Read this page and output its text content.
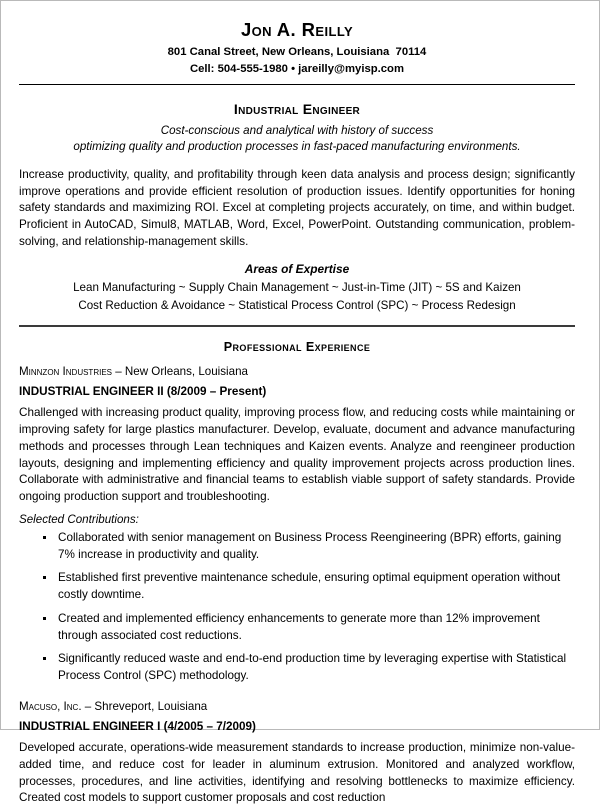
Jon A. Reilly
801 Canal Street, New Orleans, Louisiana  70114
Cell: 504-555-1980 • jareilly@myisp.com
Industrial Engineer
Cost-conscious and analytical with history of success
optimizing quality and production processes in fast-paced manufacturing environments.

Increase productivity, quality, and profitability through keen data analysis and process design; significantly improve operations and provide efficient resolution of production issues. Identify opportunities for honing safety standards and maximizing ROI. Excel at completing projects accurately, on time, and within budget. Proficient in AutoCAD, Simul8, MATLAB, Word, Excel, PowerPoint. Outstanding communication, problem-solving, and relationship-management skills.

Areas of Expertise
Lean Manufacturing ~ Supply Chain Management ~ Just-in-Time (JIT) ~ 5S and Kaizen
Cost Reduction & Avoidance ~ Statistical Process Control (SPC) ~ Process Redesign
Professional Experience
Minnzon Industries – New Orleans, Louisiana
INDUSTRIAL ENGINEER II (8/2009 – Present)

Challenged with increasing product quality, improving process flow, and reducing costs while maintaining or improving safety for large plastics manufacturer. Develop, evaluate, document and advance manufacturing methods and processes through Lean techniques and Kaizen events. Analyze and reengineer production layouts, designing and implementing efficiency and quality improvement projects across production lines. Collaborate with administrative and financial teams to establish viable support of safety standards. Provide ongoing production support and troubleshooting.

Selected Contributions:
Collaborated with senior management on Business Process Reengineering (BPR) efforts, gaining 7% increase in productivity and quality.
Established first preventive maintenance schedule, ensuring optimal equipment operation without costly downtime.
Created and implemented efficiency enhancements to generate more than 12% improvement through associated cost reductions.
Significantly reduced waste and end-to-end production time by leveraging expertise with Statistical Process Control (SPC) methodology.
Macuso, Inc. – Shreveport, Louisiana
INDUSTRIAL ENGINEER I (4/2005 – 7/2009)

Developed accurate, operations-wide measurement standards to increase production, minimize non-value-added time, and reduce cost for leader in aluminum extrusion. Monitored and analyzed workflow, processes, procedures, and line activities, identifying and resolving bottlenecks to maximize efficiency. Created cost models to support customer proposals and cost reduction
